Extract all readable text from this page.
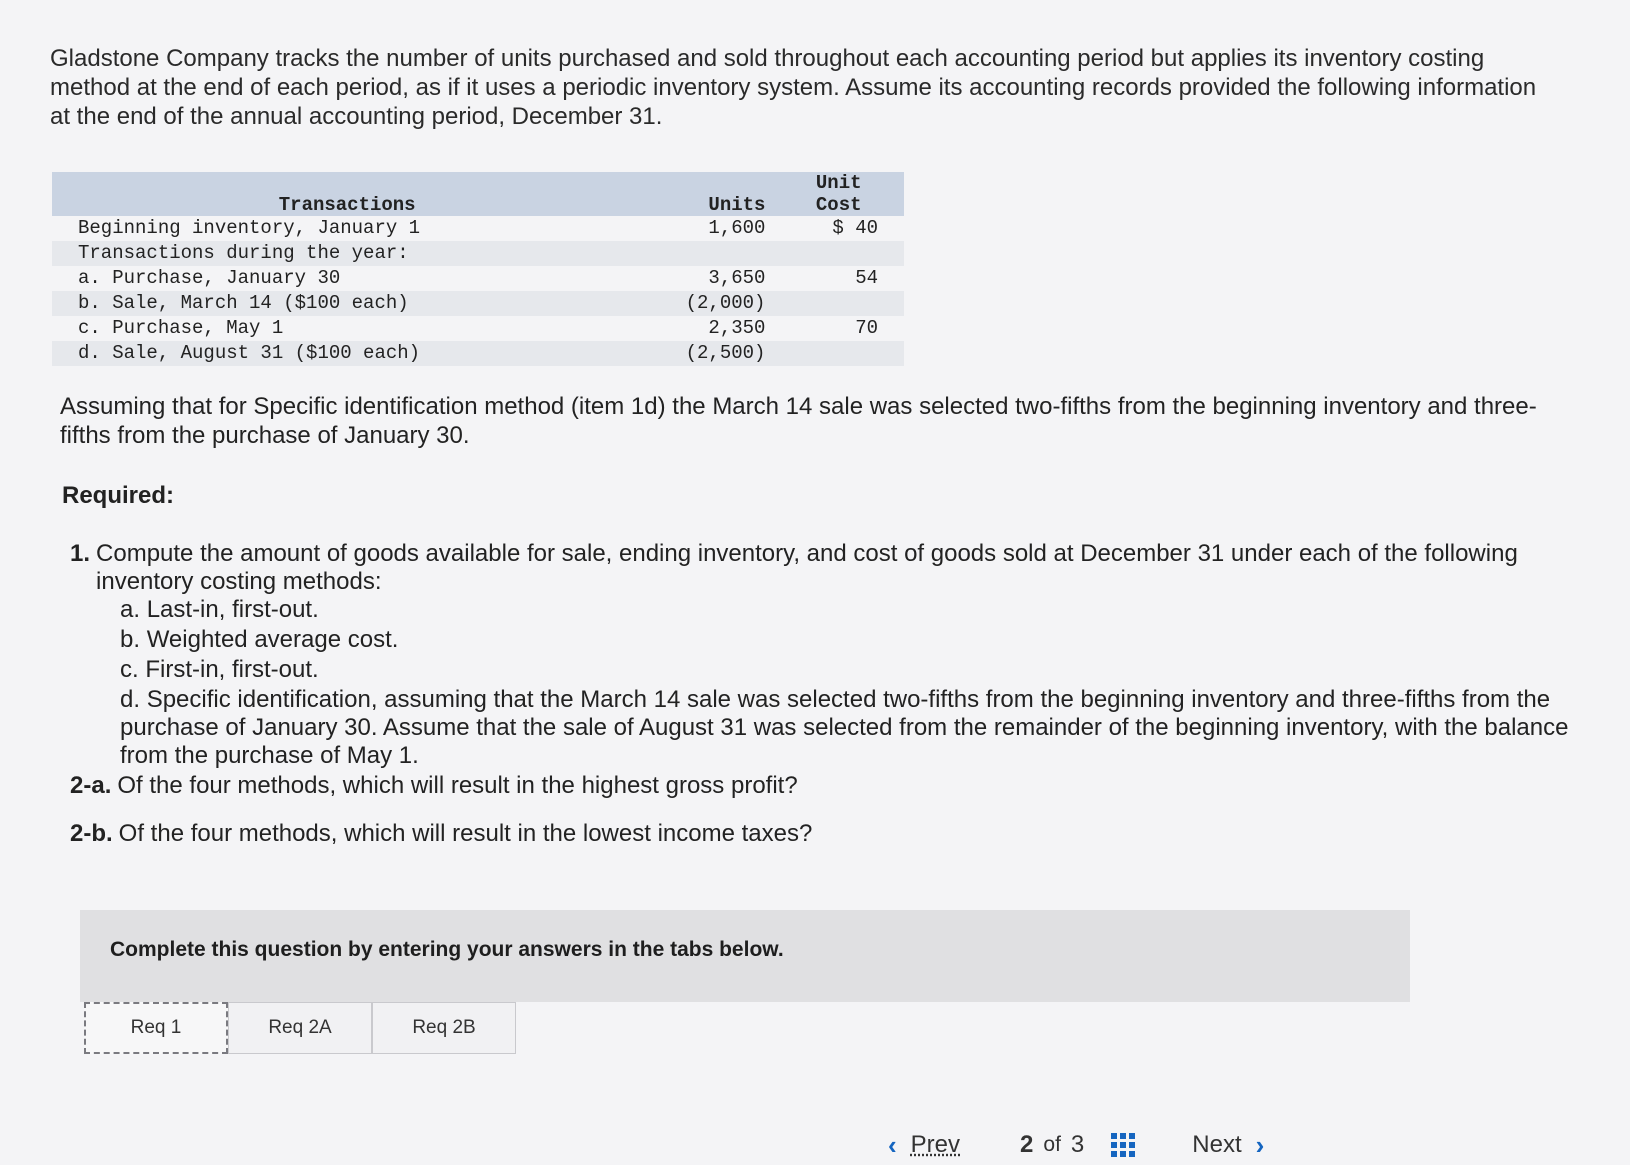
Gladstone Company tracks the number of units purchased and sold throughout each accounting period but applies its inventory costing method at the end of each period, as if it uses a periodic inventory system. Assume its accounting records provided the following information at the end of the annual accounting period, December 31.

Transactions	Units	Unit
Cost
Beginning inventory, January 1	1,600	$ 40
Transactions during the year:		
a. Purchase, January 30	3,650	54
b. Sale, March 14 ($100 each)	(2,000)	
c. Purchase, May 1	2,350	70
d. Sale, August 31 ($100 each)	(2,500)	

Assuming that for Specific identification method (item 1d) the March 14 sale was selected two-fifths from the beginning inventory and three-fifths from the purchase of January 30.

Required:

1. Compute the amount of goods available for sale, ending inventory, and cost of goods sold at December 31 under each of the following inventory costing methods:

a. Last-in, first-out.

b. Weighted average cost.

c. First-in, first-out.

d. Specific identification, assuming that the March 14 sale was selected two-fifths from the beginning inventory and three-fifths from the purchase of January 30. Assume that the sale of August 31 was selected from the remainder of the beginning inventory, with the balance from the purchase of May 1.

2-a. Of the four methods, which will result in the highest gross profit?

2-b. Of the four methods, which will result in the lowest income taxes?

Complete this question by entering your answers in the tabs below.
Req 1	Req 2A	Req 2B
‹ Prev	2 of 3	Next ›
